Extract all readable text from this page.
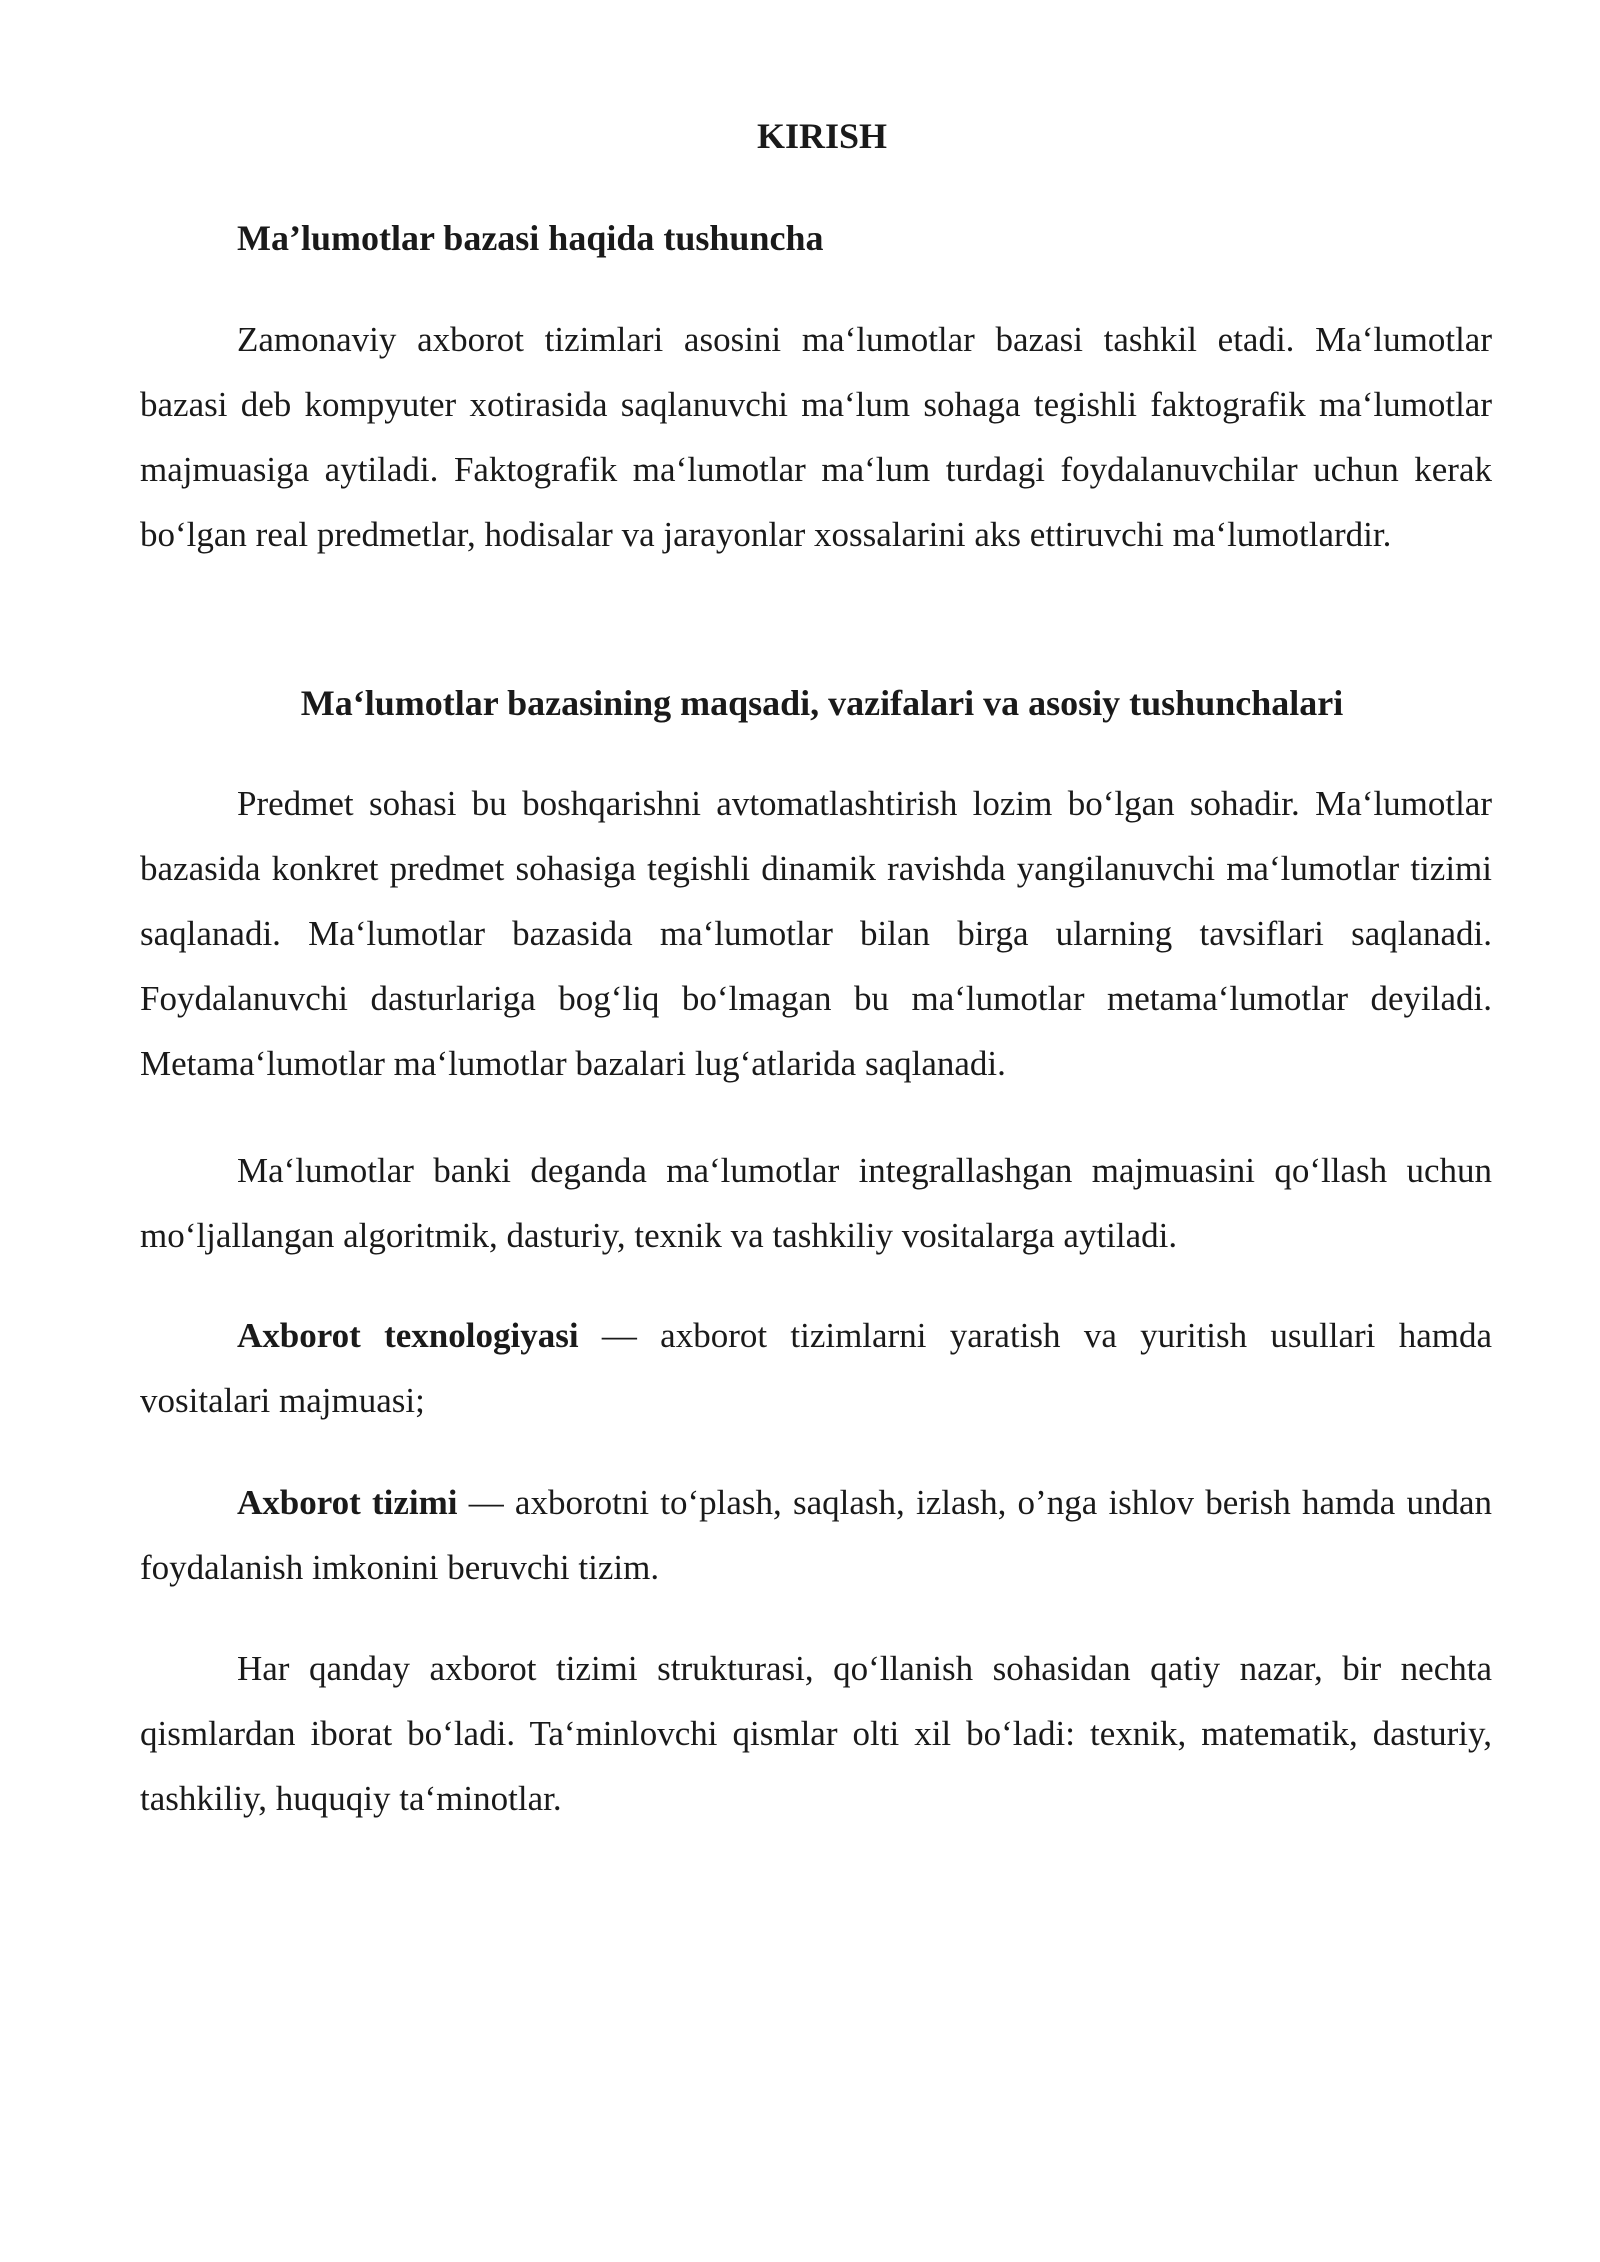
KIRISH
Ma’lumotlar bazasi haqida tushuncha

Zamonaviy axborot tizimlari asosini maʻlumotlar bazasi tashkil etadi. Maʻlumotlar bazasi deb kompyuter xotirasida saqlanuvchi maʻlum sohaga tegishli faktografik maʻlumotlar majmuasiga aytiladi. Faktografik maʻlumotlar maʻlum turdagi foydalanuvchilar uchun kerak boʻlgan real predmetlar, hodisalar va jarayonlar xossalarini aks ettiruvchi maʻlumotlardir.

Maʻlumotlar bazasining maqsadi, vazifalari va asosiy tushunchalari

Predmet sohasi bu boshqarishni avtomatlashtirish lozim boʻlgan sohadir. Maʻlumotlar bazasida konkret predmet sohasiga tegishli dinamik ravishda yangilanuvchi maʻlumotlar tizimi saqlanadi. Maʻlumotlar bazasida maʻlumotlar bilan birga ularning tavsiflari saqlanadi. Foydalanuvchi dasturlariga bogʻliq boʻlmagan bu maʻlumotlar metamaʻlumotlar deyiladi. Metamaʻlumotlar maʻlumotlar bazalari lugʻatlarida saqlanadi.

Maʻlumotlar banki deganda maʻlumotlar integrallashgan majmuasini qoʻllash uchun moʻljallangan algoritmik, dasturiy, texnik va tashkiliy vositalarga aytiladi.

Axborot texnologiyasi — axborot tizimlarni yaratish va yuritish usullari hamda vositalari majmuasi;

Axborot tizimi — axborotni toʻplash, saqlash, izlash, o’nga ishlov berish hamda undan foydalanish imkonini beruvchi tizim.

Har qanday axborot tizimi strukturasi, qoʻllanish sohasidan qatiy nazar, bir nechta qismlardan iborat boʻladi. Taʻminlovchi qismlar olti xil boʻladi: texnik, matematik, dasturiy, tashkiliy, huquqiy taʻminotlar.
